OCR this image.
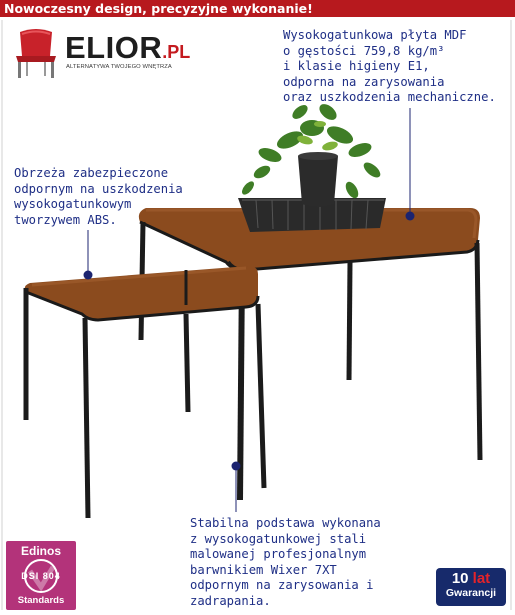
Nowoczesny design, precyzyjne wykonanie!
ELIOR.PL
ALTERNATYWA TWOJEGO WNĘTRZA
Wysokogatunkowa płyta MDF
o gęstości 759,8 kg/m³
i klasie higieny E1,
odporna na zarysowania
oraz uszkodzenia mechaniczne.
Obrzeża zabezpieczone
odpornym na uszkodzenia
wysokogatunkowym
tworzywem ABS.
Stabilna podstawa wykonana
z wysokogatunkowej stali
malowanej profesjonalnym
barwnikiem Wixer 7XT
odpornym na zarysowania i
zadrapania.
Edinos
DSI 804
Standards
10 lat
Gwarancji
